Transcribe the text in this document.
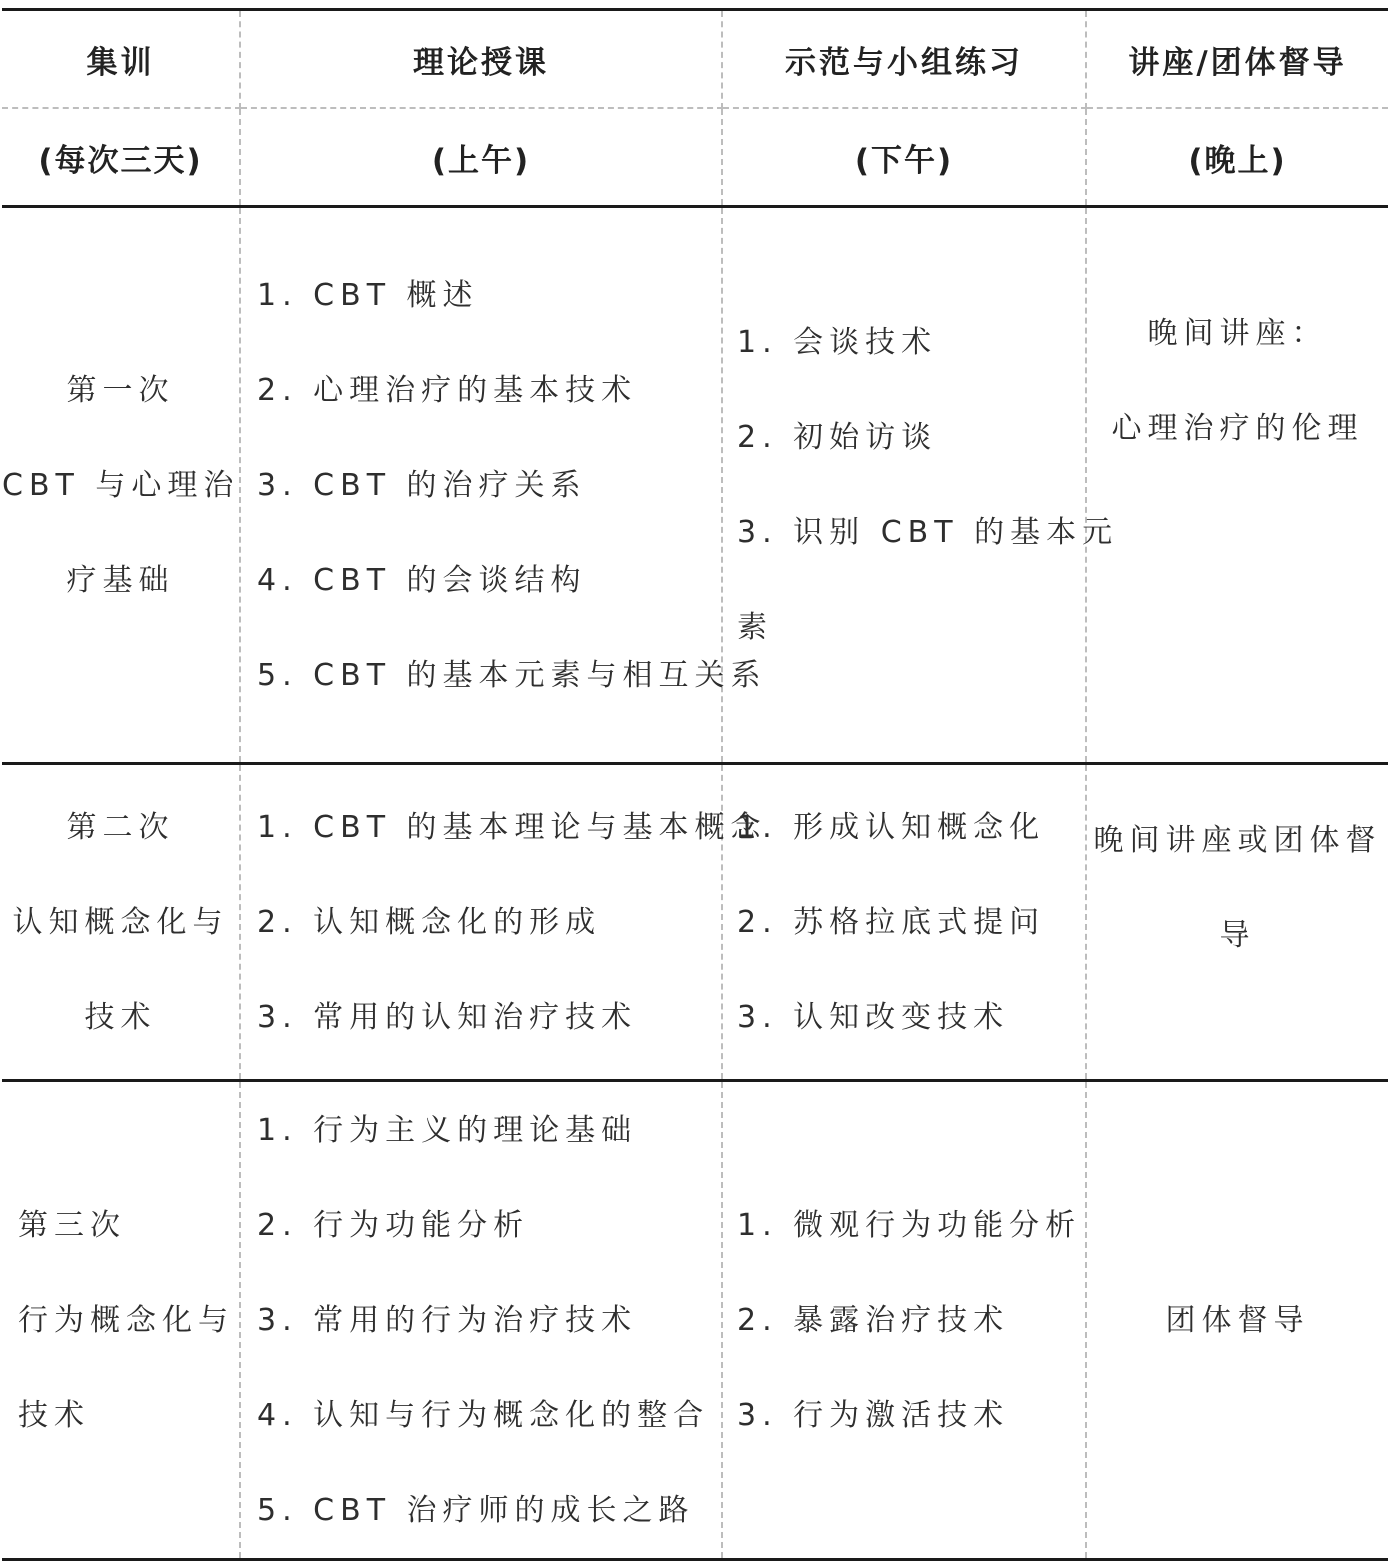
集训	理论授课	示范与小组练习	讲座/团体督导
(每次三天)	(上午)	(下午)	(晚上)

第一次
CBT 与心理治
疗基础	1. CBT 概述
2. 心理治疗的基本技术
3. CBT 的治疗关系
4. CBT 的会谈结构
5. CBT 的基本元素与相互关系	1. 会谈技术
2. 初始访谈
3. 识别 CBT 的基本元
素	晚间讲座：
心理治疗的伦理

第二次
认知概念化与
技术	1. CBT 的基本理论与基本概念
2. 认知概念化的形成
3. 常用的认知治疗技术	1. 形成认知概念化
2. 苏格拉底式提问
3. 认知改变技术	晚间讲座或团体督
导

第三次
行为概念化与
技术	1. 行为主义的理论基础
2. 行为功能分析
3. 常用的行为治疗技术
4. 认知与行为概念化的整合
5. CBT 治疗师的成长之路	1. 微观行为功能分析
2. 暴露治疗技术
3. 行为激活技术	团体督导
